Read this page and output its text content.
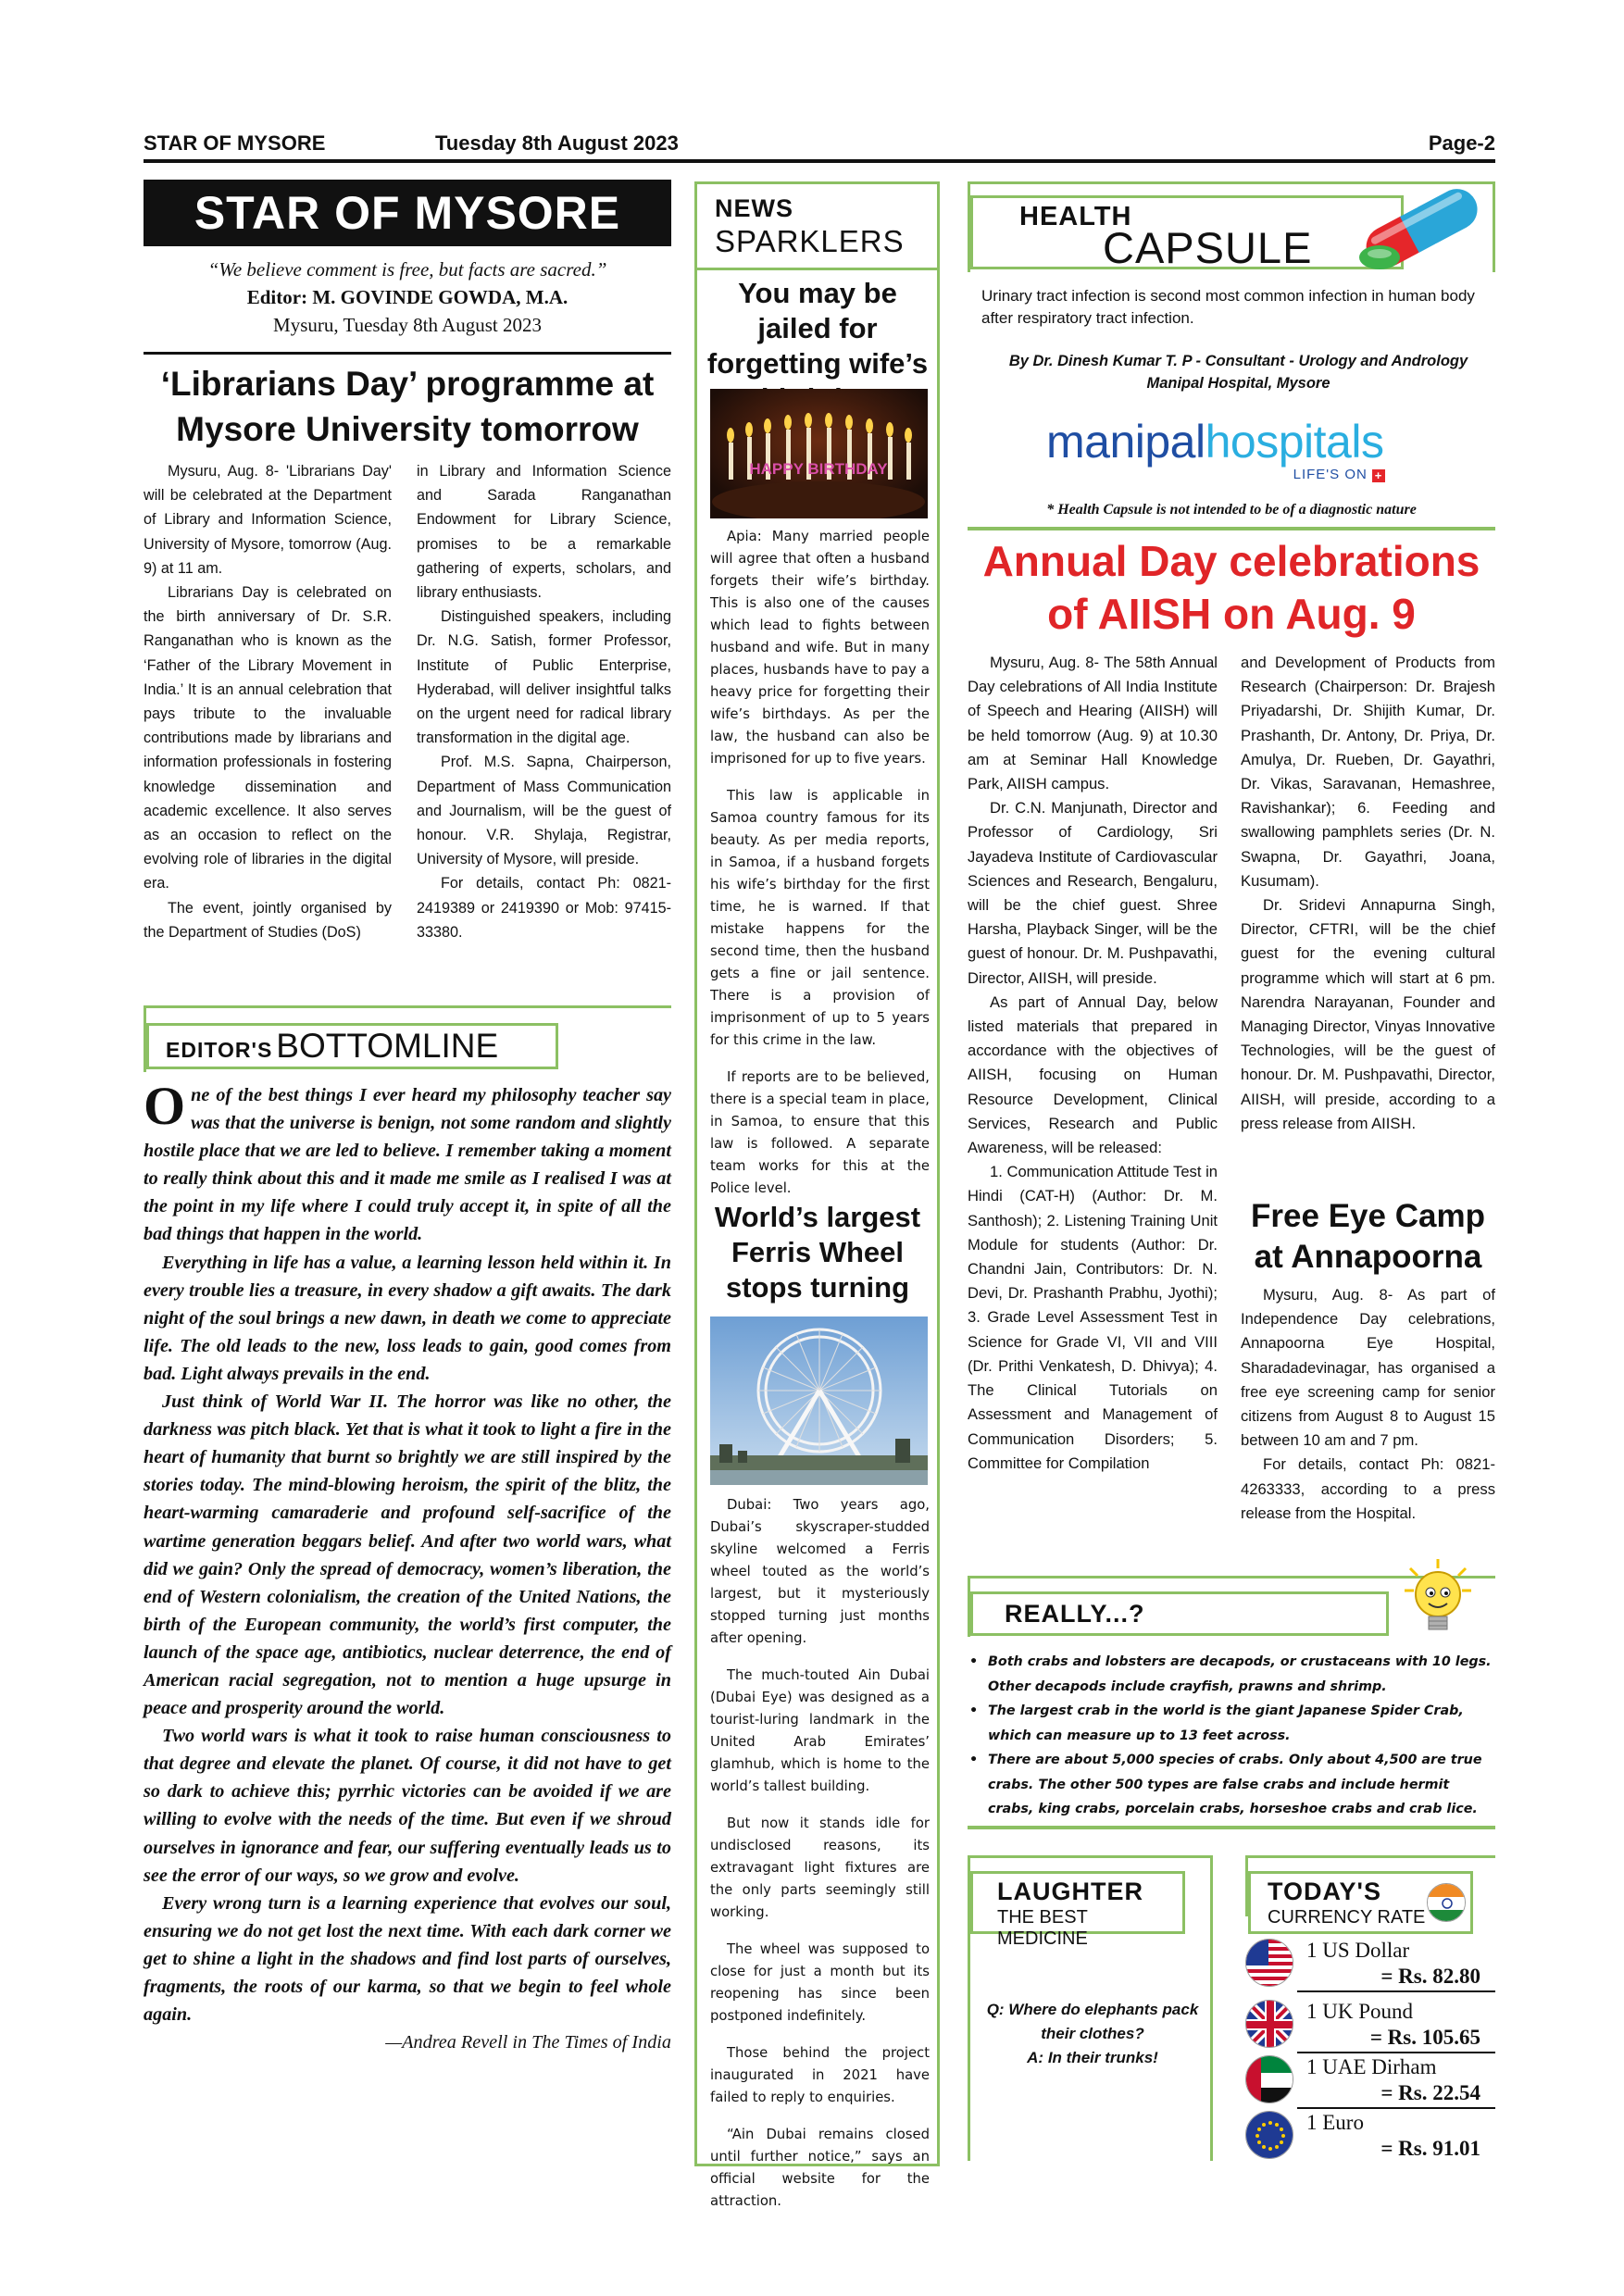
STAR OF MYSORE	Tuesday 8th August 2023	Page-2
STAR OF MYSORE
“We believe comment is free, but facts are sacred.”
Editor: M. GOVINDE GOWDA, M.A.
Mysuru, Tuesday 8th August 2023
‘Librarians Day’ programme at Mysore University tomorrow

Mysuru, Aug. 8- 'Librarians Day' will be celebrated at the Department of Library and Information Science, University of Mysore, tomorrow (Aug. 9) at 11 am.

Librarians Day is celebrated on the birth anniversary of Dr. S.R. Ranganathan who is known as the ‘Father of the Library Movement in India.’ It is an annual celebration that pays tribute to the invaluable contributions made by librarians and information professionals in fostering knowledge dissemination and academic excellence. It also serves as an occasion to reflect on the evolving role of libraries in the digital era.

The event, jointly organised by the Department of Studies (DoS)

in Library and Information Science and Sarada Ranganathan Endowment for Library Science, promises to be a remarkable gathering of experts, scholars, and library enthusiasts.

Distinguished speakers, including Dr. N.G. Satish, former Professor, Institute of Public Enterprise, Hyderabad, will deliver insightful talks on the urgent need for radical library transformation in the digital age.

Prof. M.S. Sapna, Chairperson, Department of Mass Communication and Journalism, will be the guest of honour. V.R. Shylaja, Registrar, University of Mysore, will preside.

For details, contact Ph: 0821-2419389 or 2419390 or Mob: 97415-33380.

EDITOR'S BOTTOMLINE

One of the best things I ever heard my philosophy teacher say was that the universe is benign, not some random and slightly hostile place that we are led to believe. I remember taking a moment to really think about this and it made me smile as I realised I was at the point in my life where I could truly accept it, in spite of all the bad things that happen in the world.

Everything in life has a value, a learning lesson held within it. In every trouble lies a treasure, in every shadow a gift awaits. The dark night of the soul brings a new dawn, in death we come to appreciate life. The old leads to the new, loss leads to gain, good comes from bad. Light always prevails in the end.

Just think of World War II. The horror was like no other, the darkness was pitch black. Yet that is what it took to light a fire in the heart of humanity that burnt so brightly we are still inspired by the stories today. The mind-blowing heroism, the spirit of the blitz, the heart-warming camaraderie and profound self-sacrifice of the wartime generation beggars belief. And after two world wars, what did we gain? Only the spread of democracy, women’s liberation, the end of Western colonialism, the creation of the United Nations, the birth of the European community, the world’s first computer, the launch of the space age, antibiotics, nuclear deterrence, the end of American racial segregation, not to mention a huge upsurge in peace and prosperity around the world.

Two world wars is what it took to raise human consciousness to that degree and elevate the planet. Of course, it did not have to get so dark to achieve this; pyrrhic victories can be avoided if we are willing to evolve with the needs of the time. But even if we shroud ourselves in ignorance and fear, our suffering eventually leads us to see the error of our ways, so we grow and evolve.

Every wrong turn is a learning experience that evolves our soul, ensuring we do not get lost the next time. With each dark corner we get to shine a light in the shadows and find lost parts of ourselves, fragments, the roots of our karma, so that we begin to feel whole again.

—Andrea Revell in The Times of India

NEWS
SPARKLERS
You may be jailed for forgetting wife’s
HAPPY BIRTHDAY

Apia: Many married people will agree that often a husband forgets their wife’s birthday. This is also one of the causes which lead to fights between husband and wife. But in many places, husbands have to pay a heavy price for forgetting their wife’s birthdays. As per the law, the husband can also be imprisoned for up to five years.

This law is applicable in Samoa country famous for its beauty. As per media reports, in Samoa, if a husband forgets his wife’s birthday for the first time, he is warned. If that mistake happens for the second time, then the husband gets a fine or jail sentence. There is a provision of imprisonment of up to 5 years for this crime in the law.

If reports are to be believed, there is a special team in place, in Samoa, to ensure that this law is followed. A separate team works for this at the Police level.

World’s largest Ferris Wheel stops turning

Dubai: Two years ago, Dubai’s skyscraper-studded skyline welcomed a Ferris wheel touted as the world’s largest, but it mysteriously stopped turning just months after opening.

The much-touted Ain Dubai (Dubai Eye) was designed as a tourist-luring landmark in the United Arab Emirates’ glamhub, which is home to the world’s tallest building.

But now it stands idle for undisclosed reasons, its extravagant light fixtures are the only parts seemingly still working.

The wheel was supposed to close for just a month but its reopening has since been postponed indefinitely.

Those behind the project inaugurated in 2021 have failed to reply to enquiries.

“Ain Dubai remains closed until further notice,” says an official website for the attraction.

HEALTH
CAPSULE
Urinary tract infection is second most common infection in human body after respiratory tract infection.
By Dr. Dinesh Kumar T. P - Consultant - Urology and Andrology Manipal Hospital, Mysore
manipalhospitals
LIFE'S ON +
* Health Capsule is not intended to be of a diagnostic nature
Annual Day celebrations of AIISH on Aug. 9

Mysuru, Aug. 8- The 58th Annual Day celebrations of All India Institute of Speech and Hearing (AIISH) will be held tomorrow (Aug. 9) at 10.30 am at Seminar Hall Knowledge Park, AIISH campus.

Dr. C.N. Manjunath, Director and Professor of Cardiology, Sri Jayadeva Institute of Cardiovascular Sciences and Research, Bengaluru, will be the chief guest. Shree Harsha, Playback Singer, will be the guest of honour. Dr. M. Pushpavathi, Director, AIISH, will preside.

As part of Annual Day, below listed materials that prepared in accordance with the objectives of AIISH, focusing on Human Resource Development, Clinical Services, Research and Public Awareness, will be released:

1. Communication Attitude Test in Hindi (CAT-H) (Author: Dr. M. Santhosh); 2. Listening Training Unit Module for students (Author: Dr. Chandni Jain, Contributors: Dr. N. Devi, Dr. Prashanth Prabhu, Jyothi); 3. Grade Level Assessment Test in Science for Grade VI, VII and VIII (Dr. Prithi Venkatesh, D. Dhivya); 4. The Clinical Tutorials on Assessment and Management of Communication Disorders; 5. Committee for Compilation

and Development of Products from Research (Chairperson: Dr. Brajesh Priyadarshi, Dr. Shijith Kumar, Dr. Prashanth, Dr. Antony, Dr. Priya, Dr. Amulya, Dr. Rueben, Dr. Gayathri, Dr. Vikas, Saravanan, Hemashree, Ravishankar); 6. Feeding and swallowing pamphlets series (Dr. N. Swapna, Dr. Gayathri, Joana, Kusumam).

Dr. Sridevi Annapurna Singh, Director, CFTRI, will be the chief guest for the evening cultural programme which will start at 6 pm. Narendra Narayanan, Founder and Managing Director, Vinyas Innovative Technologies, will be the guest of honour. Dr. M. Pushpavathi, Director, AIISH, will preside, according to a press release from AIISH.

Free Eye Camp at Annapoorna

Mysuru, Aug. 8- As part of Independence Day celebrations, Annapoorna Eye Hospital, Sharadadevinagar, has organised a free eye screening camp for senior citizens from August 8 to August 15 between 10 am and 7 pm.

For details, contact Ph: 0821-4263333, according to a press release from the Hospital.

REALLY...?
• Both crabs and lobsters are decapods, or crustaceans with 10 legs. Other decapods include crayfish, prawns and shrimp.
• The largest crab in the world is the giant Japanese Spider Crab, which can measure up to 13 feet across.
• There are about 5,000 species of crabs. Only about 4,500 are true crabs. The other 500 types are false crabs and include hermit crabs, king crabs, porcelain crabs, horseshoe crabs and crab lice.
LAUGHTER
THE BEST MEDICINE
Q: Where do elephants pack their clothes?
A: In their trunks!
TODAY'S
CURRENCY RATE
1 US Dollar
= Rs. 82.80
1 UK Pound
= Rs. 105.65
1 UAE Dirham
= Rs. 22.54
1 Euro
= Rs. 91.01
